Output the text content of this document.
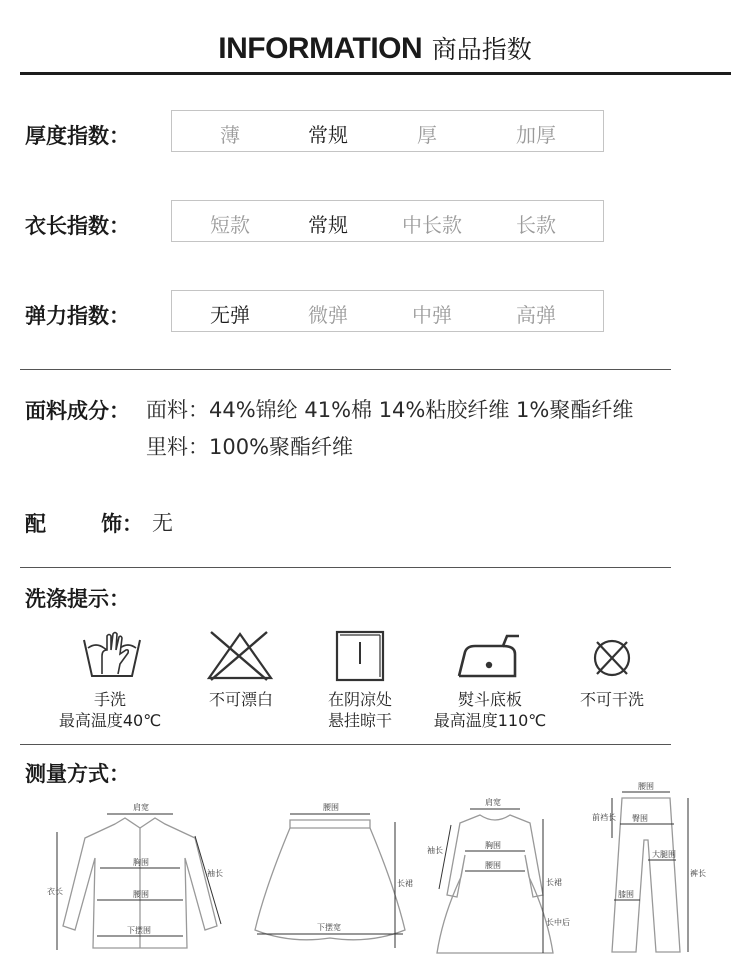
INFORMATION 商品指数
厚度指数：	薄	常规	厚	加厚
衣长指数：	短款	常规	中长款	长款
弹力指数：	无弹	微弹	中弹	高弹
面料成分： 面料：44%锦纶 41%棉 14%粘胶纤维 1%聚酯纤维
里料：100%聚酯纤维
配	饰： 无
洗涤提示：
手洗
最高温度40℃
不可漂白	在阴凉处
悬挂晾干
熨斗底板
最高温度110℃
不可干洗
测量方式：
肩宽
胸围
腰围
下摆围
衣长
袖长
腰围
下摆宽
长裙
肩宽
胸围
腰围
袖长
长裙
长中后
腰围
臀围
大腿围
膝围
前裆长
裤长
